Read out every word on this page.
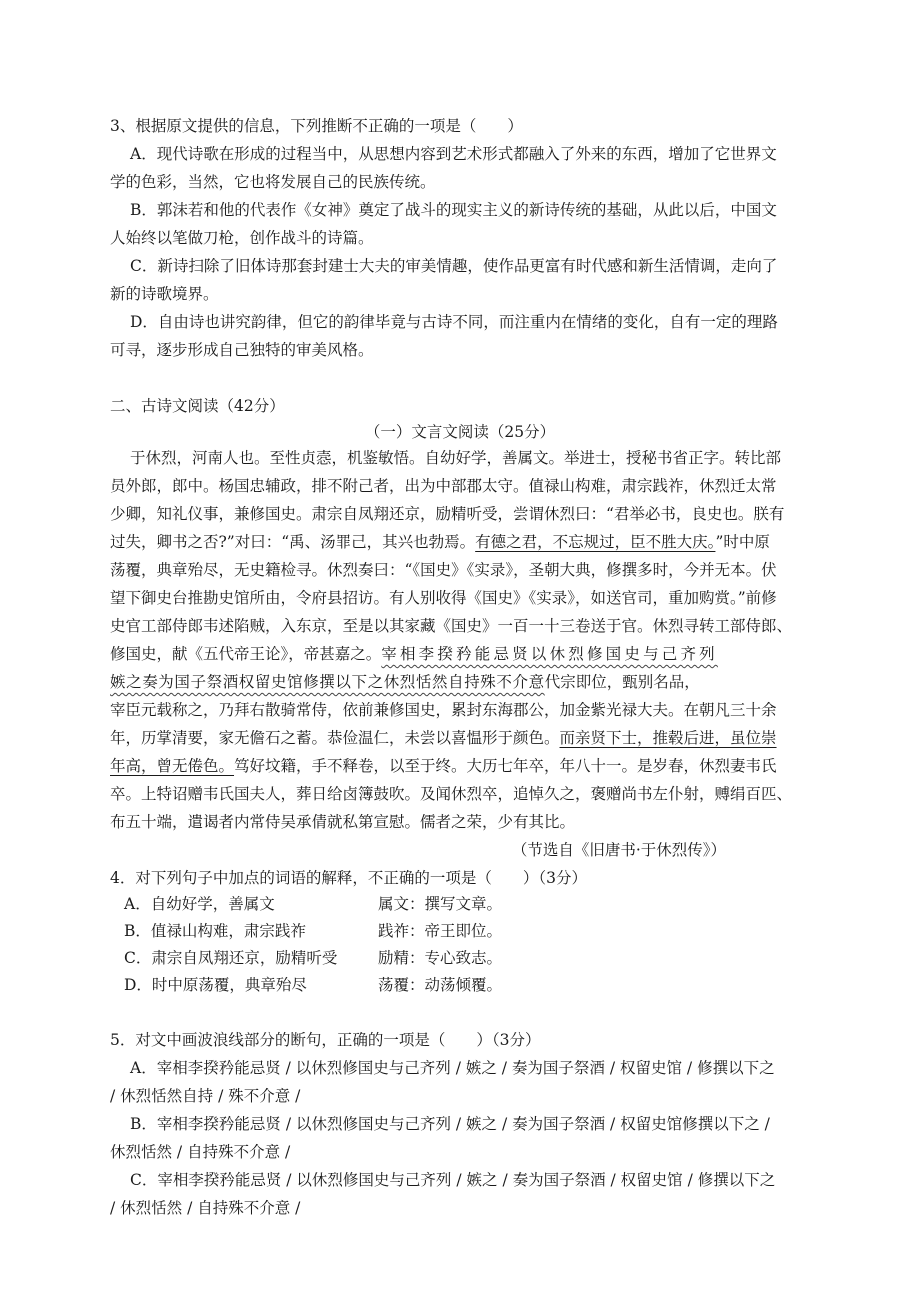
3、根据原文提供的信息，下列推断不正确的一项是（　　）
A．现代诗歌在形成的过程当中，从思想内容到艺术形式都融入了外来的东西，增加了它世界文
学的色彩，当然，它也将发展自己的民族传统。
B．郭沫若和他的代表作《女神》奠定了战斗的现实主义的新诗传统的基础，从此以后，中国文
人始终以笔做刀枪，创作战斗的诗篇。
C．新诗扫除了旧体诗那套封建士大夫的审美情趣，使作品更富有时代感和新生活情调，走向了
新的诗歌境界。
D．自由诗也讲究韵律，但它的韵律毕竟与古诗不同，而注重内在情绪的变化，自有一定的理路
可寻，逐步形成自己独特的审美风格。
二、古诗文阅读（42分）
（一）文言文阅读（25分）
于休烈，河南人也。至性贞悫，机鉴敏悟。自幼好学，善属文。举进士，授秘书省正字。转比部
员外郎，郎中。杨国忠辅政，排不附己者，出为中部郡太守。值禄山构难，肃宗践祚，休烈迁太常
少卿，知礼仪事，兼修国史。肃宗自凤翔还京，励精听受，尝谓休烈曰：“君举必书，良史也。朕有
过失，卿书之否?”对曰：“禹、汤罪己，其兴也勃焉。有德之君，不忘规过，臣不胜大庆。”时中原
荡覆，典章殆尽，无史籍检寻。休烈奏曰：“《国史》《实录》，圣朝大典，修撰多时，今并无本。伏
望下御史台推勘史馆所由，令府县招访。有人别收得《国史》《实录》，如送官司，重加购赏。”前修
史官工部侍郎韦述陷贼，入东京，至是以其家藏《国史》一百一十三卷送于官。休烈寻转工部侍郎、
修国史，献《五代帝王论》，帝甚嘉之。宰相李揆矜能忌贤以休烈修国史与己齐列
嫉之奏为国子祭酒权留史馆修撰以下之休烈恬然自持殊不介意代宗即位，甄别名品，
宰臣元载称之，乃拜右散骑常侍，依前兼修国史，累封东海郡公，加金紫光禄大夫。在朝凡三十余
年，历掌清要，家无儋石之蓄。恭俭温仁，未尝以喜愠形于颜色。而亲贤下士，推毂后进，虽位崇
年高，曾无倦色。笃好坟籍，手不释卷，以至于终。大历七年卒，年八十一。是岁春，休烈妻韦氏
卒。上特诏赠韦氏国夫人，葬日给卤簿鼓吹。及闻休烈卒，追悼久之，褒赠尚书左仆射，赙绢百匹、
布五十端，遣谒者内常侍吴承倩就私第宣慰。儒者之荣，少有其比。
（节选自《旧唐书·于休烈传》）
4．对下列句子中加点的词语的解释，不正确的一项是（　　）（3分）
A．自幼好学，善属文	属文：撰写文章。
B．值禄山构难，肃宗践祚	践祚：帝王即位。
C．肃宗自凤翔还京，励精听受	励精：专心致志。
D．时中原荡覆，典章殆尽	荡覆：动荡倾覆。
5．对文中画波浪线部分的断句，正确的一项是（　　）（3分）
A．宰相李揆矜能忌贤 / 以休烈修国史与己齐列 / 嫉之 / 奏为国子祭酒 / 权留史馆 / 修撰以下之
/ 休烈恬然自持 / 殊不介意 /
B．宰相李揆矜能忌贤 / 以休烈修国史与己齐列 / 嫉之 / 奏为国子祭酒 / 权留史馆修撰以下之 /
休烈恬然 / 自持殊不介意 /
C．宰相李揆矜能忌贤 / 以休烈修国史与己齐列 / 嫉之 / 奏为国子祭酒 / 权留史馆 / 修撰以下之
/ 休烈恬然 / 自持殊不介意 /
